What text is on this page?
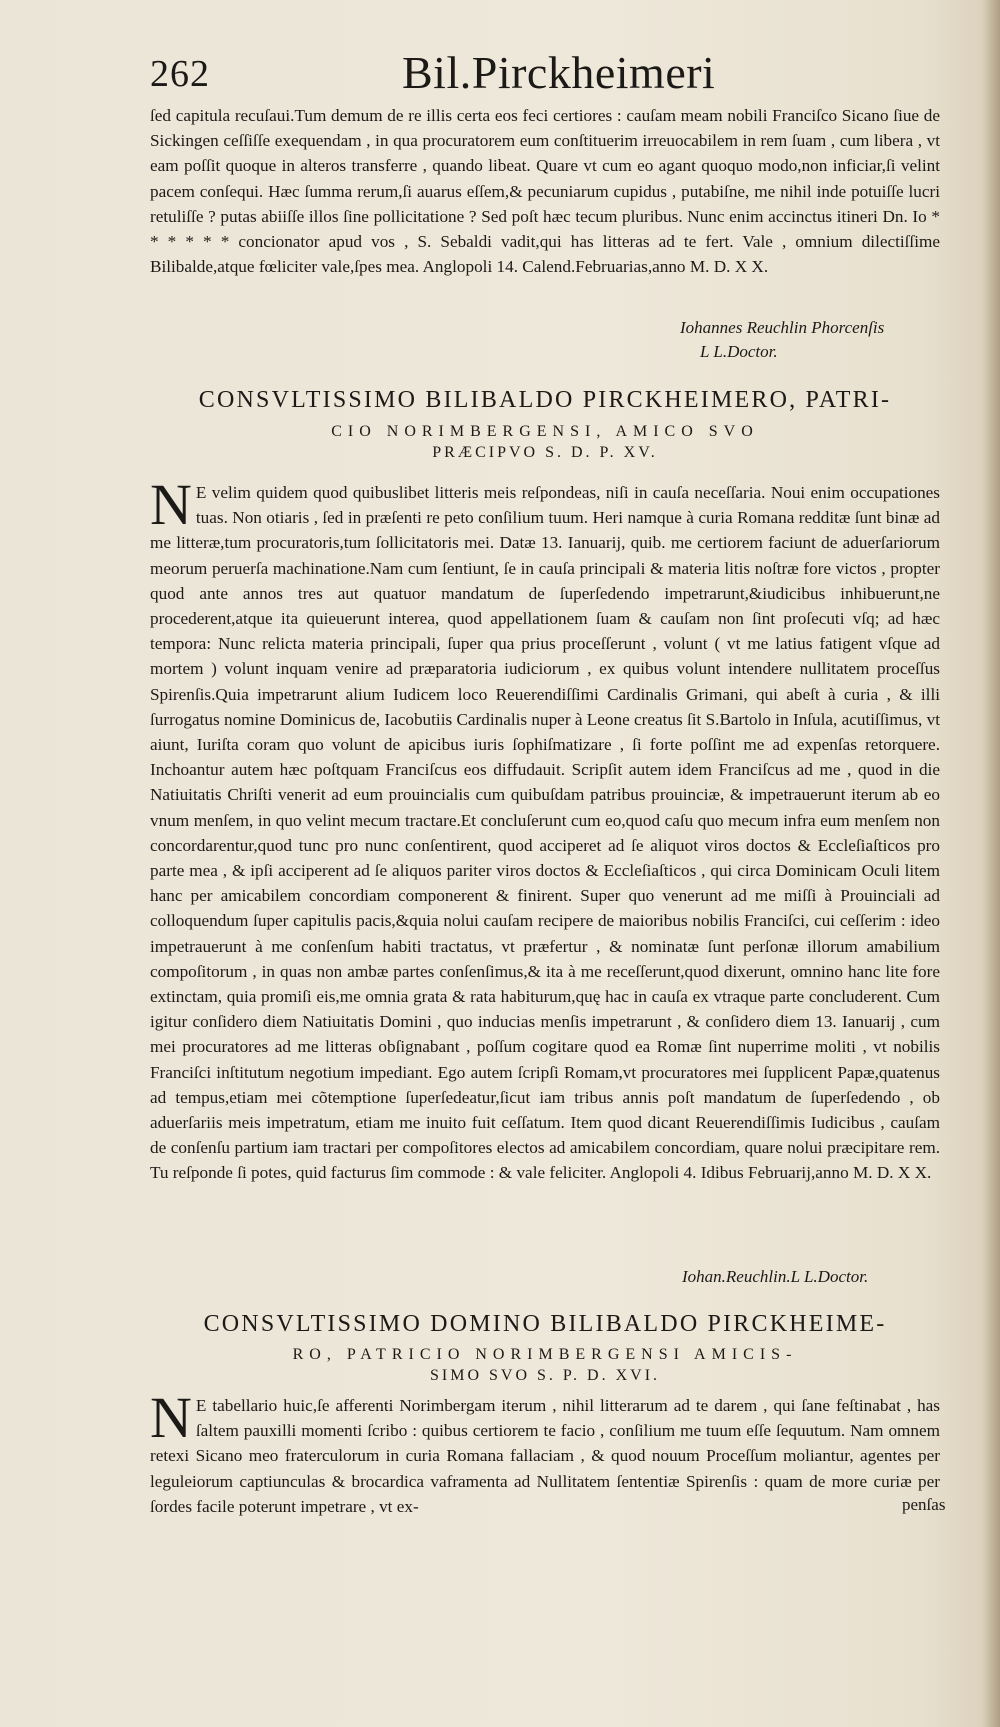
262	Bil.Pirckheimeri

ſed capitula recuſaui.Tum demum de re illis certa eos feci certiores : cauſam meam nobili Franciſco Sicano ſiue de Sickingen ceſſiſſe exequendam , in qua procuratorem eum conſtituerim irreuocabilem in rem ſuam , cum libera , vt eam poſſit quoque in alteros transferre , quando libeat. Quare vt cum eo agant quoquo modo,non inficiar,ſi velint pacem conſequi. Hæc ſumma rerum,ſi auarus eſſem,& pecuniarum cupidus , putabiſne, me nihil inde potuiſſe lucri retuliſſe ? putas abiiſſe illos ſine pollicitatione ? Sed poſt hæc tecum pluribus. Nunc enim accinctus itineri Dn. Io * * * * * * concionator apud vos , S. Sebaldi vadit,qui has litteras ad te fert. Vale , omnium dilectiſſime Bilibalde,atque fœliciter vale,ſpes mea. Anglopoli 14. Calend.Februarias,anno M. D. X X.

Iohannes Reuchlin Phorcenſis
L L.Doctor.
CONSVLTISSIMO BILIBALDO PIRCKHEIMERO, PATRI-
CIO NORIMBERGENSI, AMICO SVO
PRÆCIPVO S. D. P. XV.

N E velim quidem quod quibuslibet litteris meis reſpondeas, niſi in cauſa neceſſaria. Noui enim occupationes tuas. Non otiaris , ſed in præſenti re peto conſilium tuum. Heri namque à curia Romana redditæ ſunt binæ ad me litteræ,tum procuratoris,tum ſollicitatoris mei. Datæ 13. Ianuarij, quib. me certiorem faciunt de aduerſariorum meorum peruerſa machinatione.Nam cum ſentiunt, ſe in cauſa principali & materia litis noſtræ fore victos , propter quod ante annos tres aut quatuor mandatum de ſuperſedendo impetrarunt,&iudicibus inhibuerunt,ne procederent,atque ita quieuerunt interea, quod appellationem ſuam & cauſam non ſint proſecuti vſq; ad hæc tempora: Nunc relicta materia principali, ſuper qua prius proceſſerunt , volunt ( vt me latius fatigent vſque ad mortem ) volunt inquam venire ad præparatoria iudiciorum , ex quibus volunt intendere nullitatem proceſſus Spirenſis.Quia impetrarunt alium Iudicem loco Reuerendiſſimi Cardinalis Grimani, qui abeſt à curia , & illi ſurrogatus nomine Dominicus de, Iacobutiis Cardinalis nuper à Leone creatus ſit S.Bartolo in Inſula, acutiſſimus, vt aiunt, Iuriſta coram quo volunt de apicibus iuris ſophiſmatizare , ſi forte poſſint me ad expenſas retorquere. Inchoantur autem hæc poſtquam Franciſcus eos diffudauit. Scripſit autem idem Franciſcus ad me , quod in die Natiuitatis Chriſti venerit ad eum prouincialis cum quibuſdam patribus prouinciæ, & impetrauerunt iterum ab eo vnum menſem, in quo velint mecum tractare.Et concluſerunt cum eo,quod caſu quo mecum infra eum menſem non concordarentur,quod tunc pro nunc conſentirent, quod acciperet ad ſe aliquot viros doctos & Eccleſiaſticos pro parte mea , & ipſi acciperent ad ſe aliquos pariter viros doctos & Eccleſiaſticos , qui circa Dominicam Oculi litem hanc per amicabilem concordiam componerent & finirent. Super quo venerunt ad me miſſi à Prouinciali ad colloquendum ſuper capitulis pacis,&quia nolui cauſam recipere de maioribus nobilis Franciſci, cui ceſſerim : ideo impetrauerunt à me conſenſum habiti tractatus, vt præfertur , & nominatæ ſunt perſonæ illorum amabilium compoſitorum , in quas non ambæ partes conſenſimus,& ita à me receſſerunt,quod dixerunt, omnino hanc lite fore extinctam, quia promiſi eis,me omnia grata & rata habiturum,quę hac in cauſa ex vtraque parte concluderent. Cum igitur conſidero diem Natiuitatis Domini , quo inducias menſis impetrarunt , & conſidero diem 13. Ianuarij , cum mei procuratores ad me litteras obſignabant , poſſum cogitare quod ea Romæ ſint nuperrime moliti , vt nobilis Franciſci inſtitutum negotium impediant. Ego autem ſcripſi Romam,vt procuratores mei ſupplicent Papæ,quatenus ad tempus,etiam mei cõtemptione ſuperſedeatur,ſicut iam tribus annis poſt mandatum de ſuperſedendo , ob aduerſariis meis impetratum, etiam me inuito fuit ceſſatum. Item quod dicant Reuerendiſſimis Iudicibus , cauſam de conſenſu partium iam tractari per compoſitores electos ad amicabilem concordiam, quare nolui præcipitare rem. Tu reſponde ſi potes, quid facturus ſim commode : & vale feliciter. Anglopoli 4. Idibus Februarij,anno M. D. X X.

Iohan.Reuchlin.L L.Doctor.
CONSVLTISSIMO DOMINO BILIBALDO PIRCKHEIME-
RO, PATRICIO NORIMBERGENSI AMICIS-
SIMO SVO S. P. D. XVI.

N E tabellario huic,ſe afferenti Norimbergam iterum , nihil litterarum ad te darem , qui ſane feſtinabat , has ſaltem pauxilli momenti ſcribo : quibus certiorem te facio , conſilium me tuum eſſe ſequutum. Nam omnem retexi Sicano meo fraterculorum in curia Romana fallaciam , & quod nouum Proceſſum moliantur, agentes per leguleiorum captiunculas & brocardica vaframenta ad Nullitatem ſententiæ Spirenſis : quam de more curiæ per ſordes facile poterunt impetrare , vt ex-	penſas
